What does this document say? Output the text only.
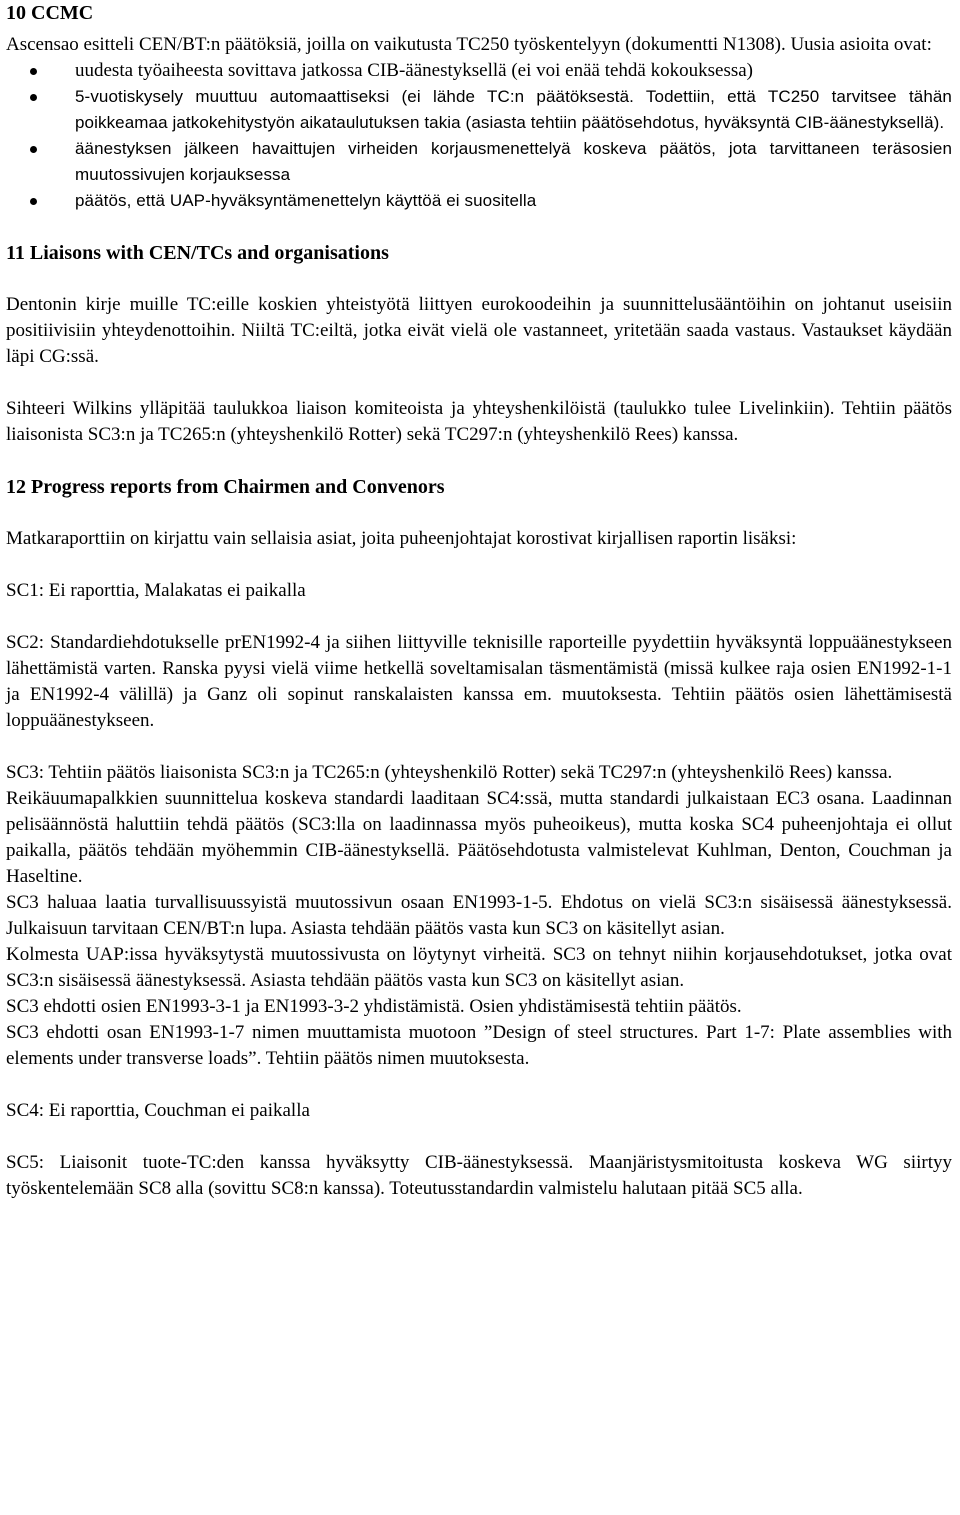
10 CCMC

Ascensao esitteli CEN/BT:n päätöksiä, joilla on vaikutusta TC250 työskentelyyn (dokumentti N1308). Uusia asioita ovat:

uudesta työaiheesta sovittava jatkossa CIB-äänestyksellä (ei voi enää tehdä kokouksessa)
5-vuotiskysely muuttuu automaattiseksi (ei lähde TC:n päätöksestä. Todettiin, että TC250 tarvitsee tähän poikkeamaa jatkokehitystyön aikataulutuksen takia (asiasta tehtiin päätösehdotus, hyväksyntä CIB-äänestyksellä).
äänestyksen jälkeen havaittujen virheiden korjausmenettelyä koskeva päätös, jota tarvittaneen teräsosien muutossivujen korjauksessa
päätös, että UAP-hyväksyntämenettelyn käyttöä ei suositella
11 Liaisons with CEN/TCs and organisations

Dentonin kirje muille TC:eille koskien yhteistyötä liittyen eurokoodeihin ja suunnittelusääntöihin on johtanut useisiin positiivisiin yhteydenottoihin. Niiltä TC:eiltä, jotka eivät vielä ole vastanneet, yritetään saada vastaus. Vastaukset käydään läpi CG:ssä.

Sihteeri Wilkins ylläpitää taulukkoa liaison komiteoista ja yhteyshenkilöistä (taulukko tulee Livelinkiin). Tehtiin päätös liaisonista SC3:n ja TC265:n (yhteyshenkilö Rotter) sekä TC297:n (yhteyshenkilö Rees) kanssa.

12 Progress reports from Chairmen and Convenors

Matkaraporttiin on kirjattu vain sellaisia asiat, joita puheenjohtajat korostivat kirjallisen raportin lisäksi:

SC1: Ei raporttia, Malakatas ei paikalla

SC2: Standardiehdotukselle prEN1992-4 ja siihen liittyville teknisille raporteille pyydettiin hyväksyntä loppuäänestykseen lähettämistä varten. Ranska pyysi vielä viime hetkellä soveltamisalan täsmentämistä (missä kulkee raja osien EN1992-1-1 ja EN1992-4 välillä) ja Ganz oli sopinut ranskalaisten kanssa em. muutoksesta. Tehtiin päätös osien lähettämisestä loppuäänestykseen.

SC3: Tehtiin päätös liaisonista SC3:n ja TC265:n (yhteyshenkilö Rotter) sekä TC297:n (yhteyshenkilö Rees) kanssa.

Reikäuumapalkkien suunnittelua koskeva standardi laaditaan SC4:ssä, mutta standardi julkaistaan EC3 osana. Laadinnan pelisäännöstä haluttiin tehdä päätös (SC3:lla on laadinnassa myös puheoikeus), mutta koska SC4 puheenjohtaja ei ollut paikalla, päätös tehdään myöhemmin CIB-äänestyksellä. Päätösehdotusta valmistelevat Kuhlman, Denton, Couchman ja Haseltine.

SC3 haluaa laatia turvallisuussyistä muutossivun osaan EN1993-1-5. Ehdotus on vielä SC3:n sisäisessä äänestyksessä. Julkaisuun tarvitaan CEN/BT:n lupa. Asiasta tehdään päätös vasta kun SC3 on käsitellyt asian.

Kolmesta UAP:issa hyväksytystä muutossivusta on löytynyt virheitä. SC3 on tehnyt niihin korjausehdotukset, jotka ovat SC3:n sisäisessä äänestyksessä. Asiasta tehdään päätös vasta kun SC3 on käsitellyt asian.

SC3 ehdotti osien EN1993-3-1 ja EN1993-3-2 yhdistämistä. Osien yhdistämisestä tehtiin päätös.

SC3 ehdotti osan EN1993-1-7 nimen muuttamista muotoon ”Design of steel structures. Part 1-7: Plate assemblies with elements under transverse loads”. Tehtiin päätös nimen muutoksesta.

SC4: Ei raporttia, Couchman ei paikalla

SC5: Liaisonit tuote-TC:den kanssa hyväksytty CIB-äänestyksessä. Maanjäristysmitoitusta koskeva WG siirtyy työskentelemään SC8 alla (sovittu SC8:n kanssa). Toteutusstandardin valmistelu halutaan pitää SC5 alla.
